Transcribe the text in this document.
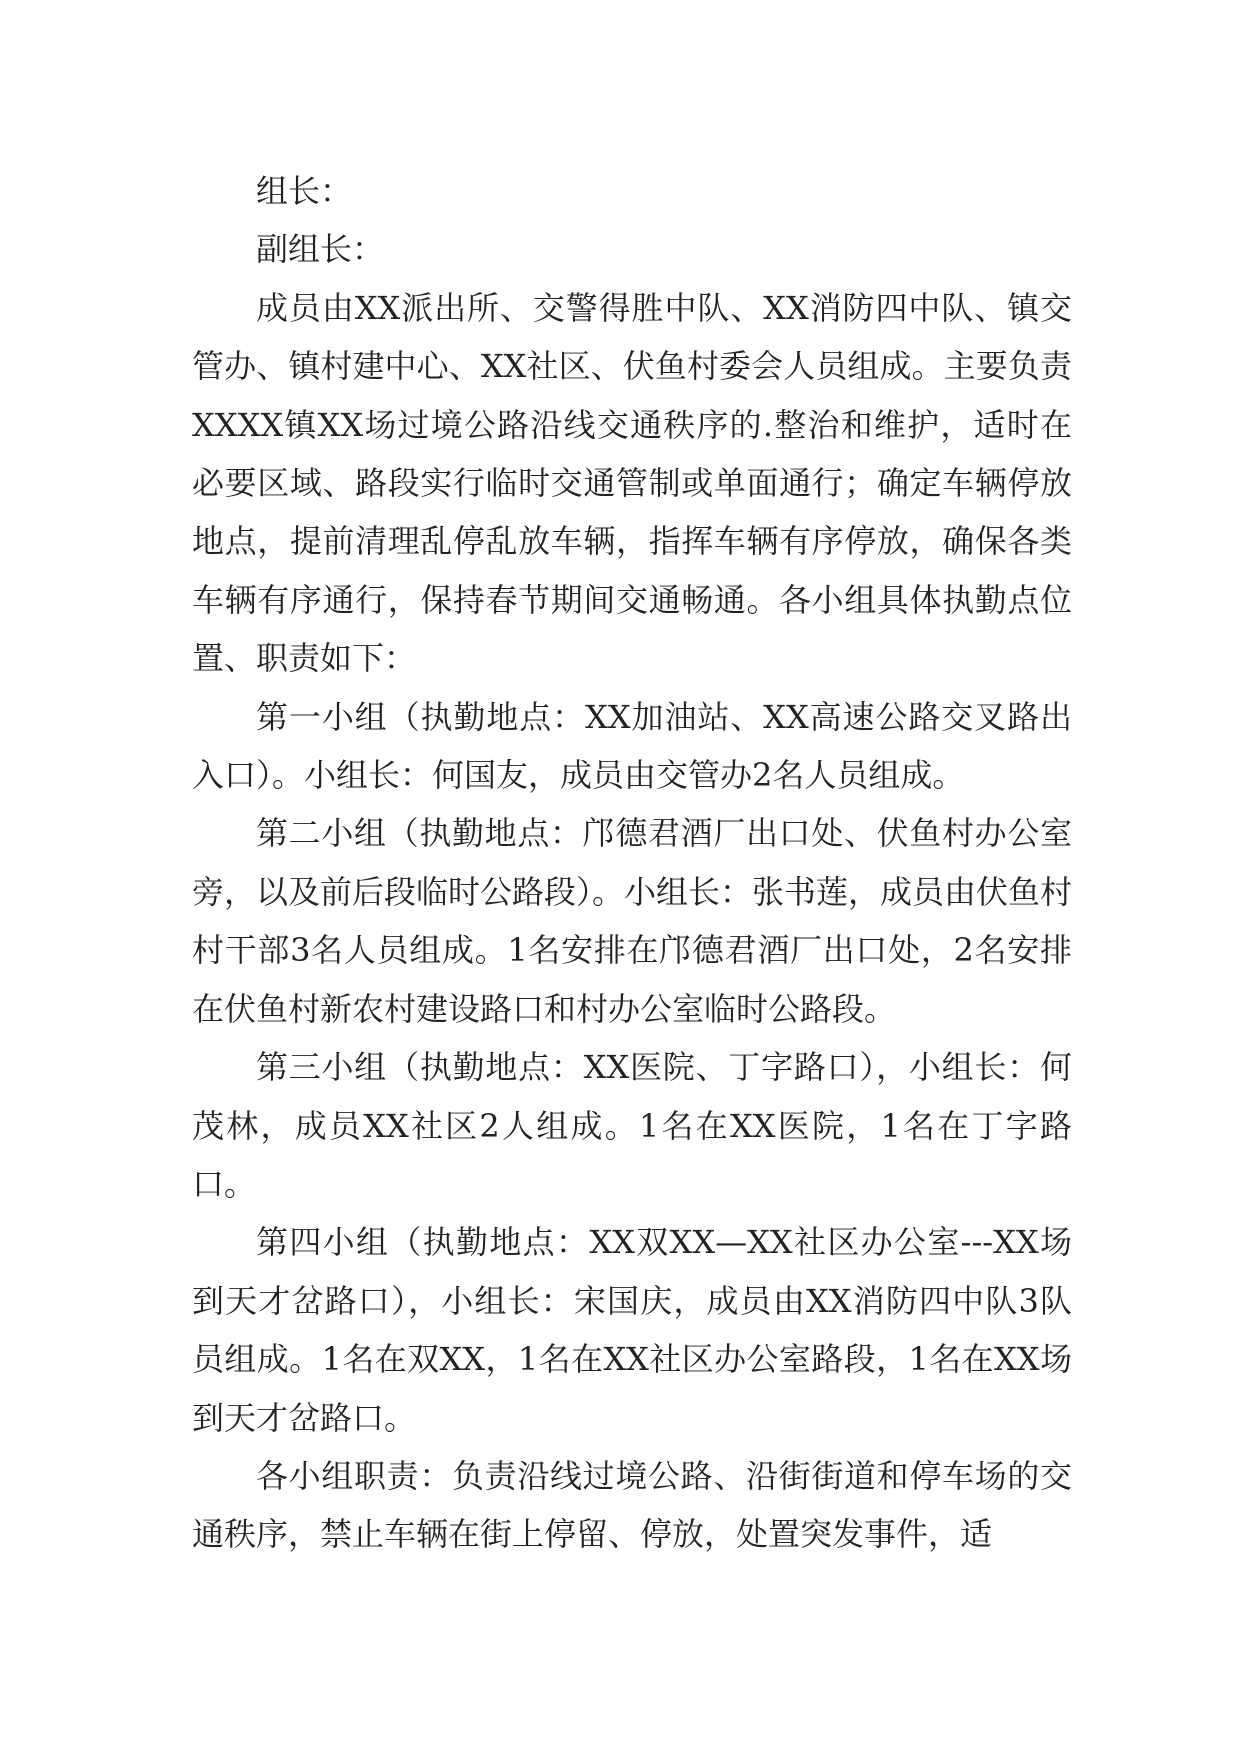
组长：

副组长：

成员由XX派出所、交警得胜中队、XX消防四中队、镇交管办、镇村建中心、XX社区、伏鱼村委会人员组成。主要负责XXXX镇XX场过境公路沿线交通秩序的.整治和维护，适时在必要区域、路段实行临时交通管制或单面通行；确定车辆停放地点，提前清理乱停乱放车辆，指挥车辆有序停放，确保各类车辆有序通行，保持春节期间交通畅通。各小组具体执勤点位置、职责如下：

第一小组（执勤地点：XX加油站、XX高速公路交叉路出入口）。小组长：何国友，成员由交管办2名人员组成。

第二小组（执勤地点：邝德君酒厂出口处、伏鱼村办公室旁，以及前后段临时公路段）。小组长：张书莲，成员由伏鱼村村干部3名人员组成。1名安排在邝德君酒厂出口处，2名安排在伏鱼村新农村建设路口和村办公室临时公路段。

第三小组（执勤地点：XX医院、丁字路口），小组长：何茂林，成员XX社区2人组成。1名在XX医院，1名在丁字路口。

第四小组（执勤地点：XX双XX—XX社区办公室---XX场到天才岔路口），小组长：宋国庆，成员由XX消防四中队3队员组成。1名在双XX，1名在XX社区办公室路段，1名在XX场到天才岔路口。

各小组职责：负责沿线过境公路、沿街街道和停车场的交通秩序，禁止车辆在街上停留、停放，处置突发事件，适
